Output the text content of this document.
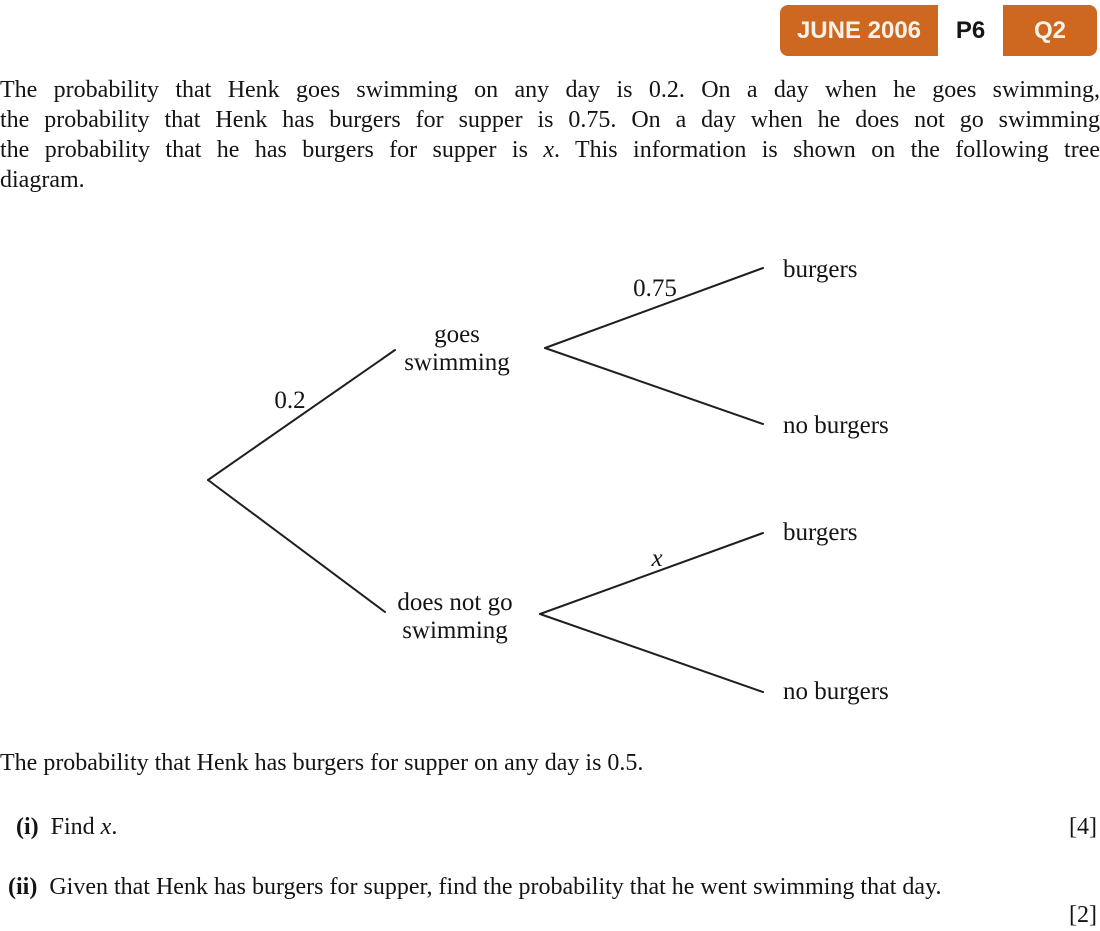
JUNE 2006	P6	Q2
The probability that Henk goes swimming on any day is 0.2. On a day when he goes swimming,
the probability that Henk has burgers for supper is 0.75. On a day when he does not go swimming
the probability that he has burgers for supper is x. This information is shown on the following tree
diagram.
0.2
0.75
x
goes
swimming
does not go
swimming
burgers
no burgers
burgers
no burgers
The probability that Henk has burgers for supper on any day is 0.5.
(i) Find x.	[4]
(ii) Given that Henk has burgers for supper, find the probability that he went swimming that day.
[2]
